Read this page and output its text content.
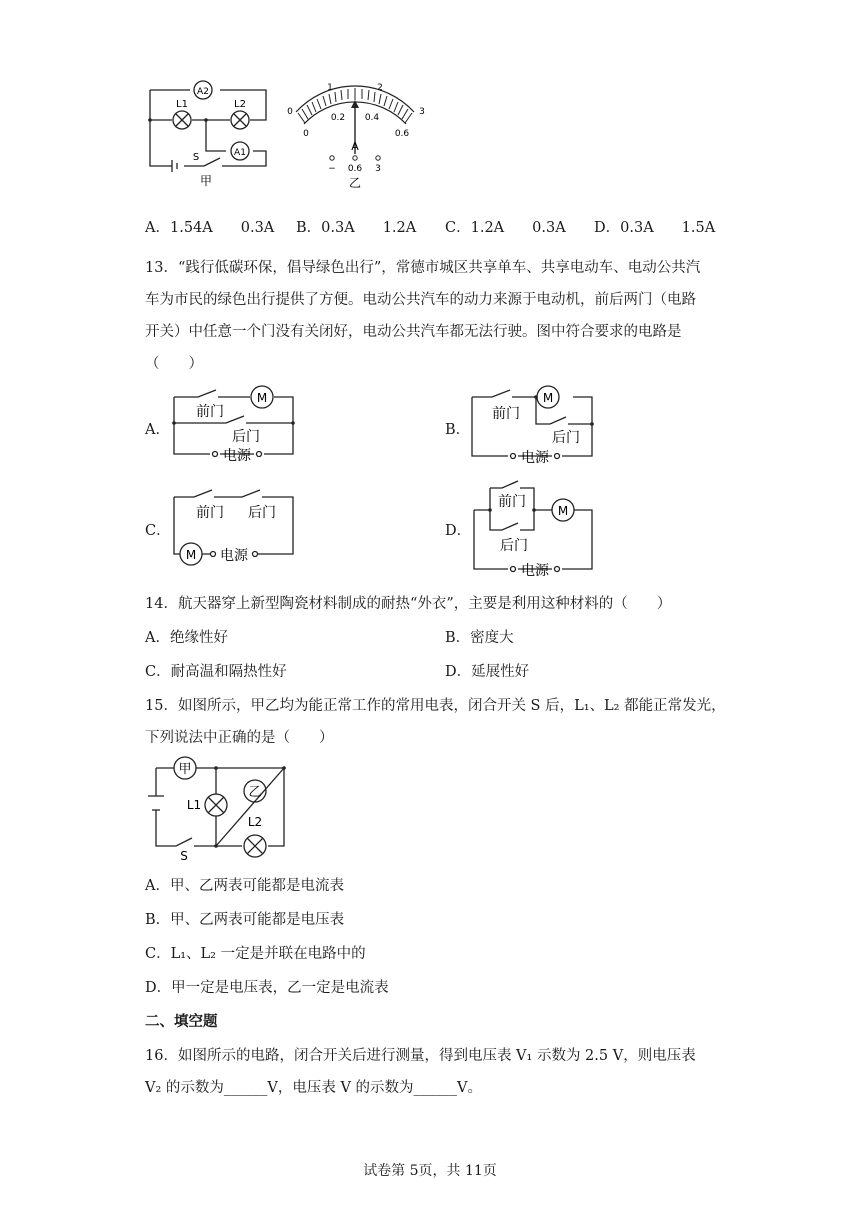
A2
L1	L2
A1
S
甲
0
1	2
3
0
0.2 0.4
0.6
A
− 0.6 3
乙
A．1.54A 0.3A B．0.3A 1.2A C．1.2A 0.3A D．0.3A 1.5A
13．“践行低碳环保，倡导绿色出行”，常德市城区共享单车、共享电动车、电动公共汽
车为市民的绿色出行提供了方便。电动公共汽车的动力来源于电动机，前后两门（电路
开关）中任意一个门没有关闭好，电动公共汽车都无法行驶。图中符合要求的电路是
（　　）
A．	B．
C．	D．
M
前门
后门
电源
M
前门
后门
电源
M
前门 后门
电源
M
前门
后门
电源
14．航天器穿上新型陶瓷材料制成的耐热“外衣”，主要是利用这种材料的（　　）
A．绝缘性好	B．密度大
C．耐高温和隔热性好	D．延展性好
15．如图所示，甲乙均为能正常工作的常用电表，闭合开关 S 后，L₁、L₂ 都能正常发光，
下列说法中正确的是（　　）
甲
乙
L1
L2
S
A．甲、乙两表可能都是电流表
B．甲、乙两表可能都是电压表
C．L₁、L₂ 一定是并联在电路中的
D．甲一定是电压表，乙一定是电流表
二、填空题
16．如图所示的电路，闭合开关后进行测量，得到电压表 V₁ 示数为 2.5 V，则电压表
V₂ 的示数为______V，电压表 V 的示数为______V。
试卷第 5页，共 11页
